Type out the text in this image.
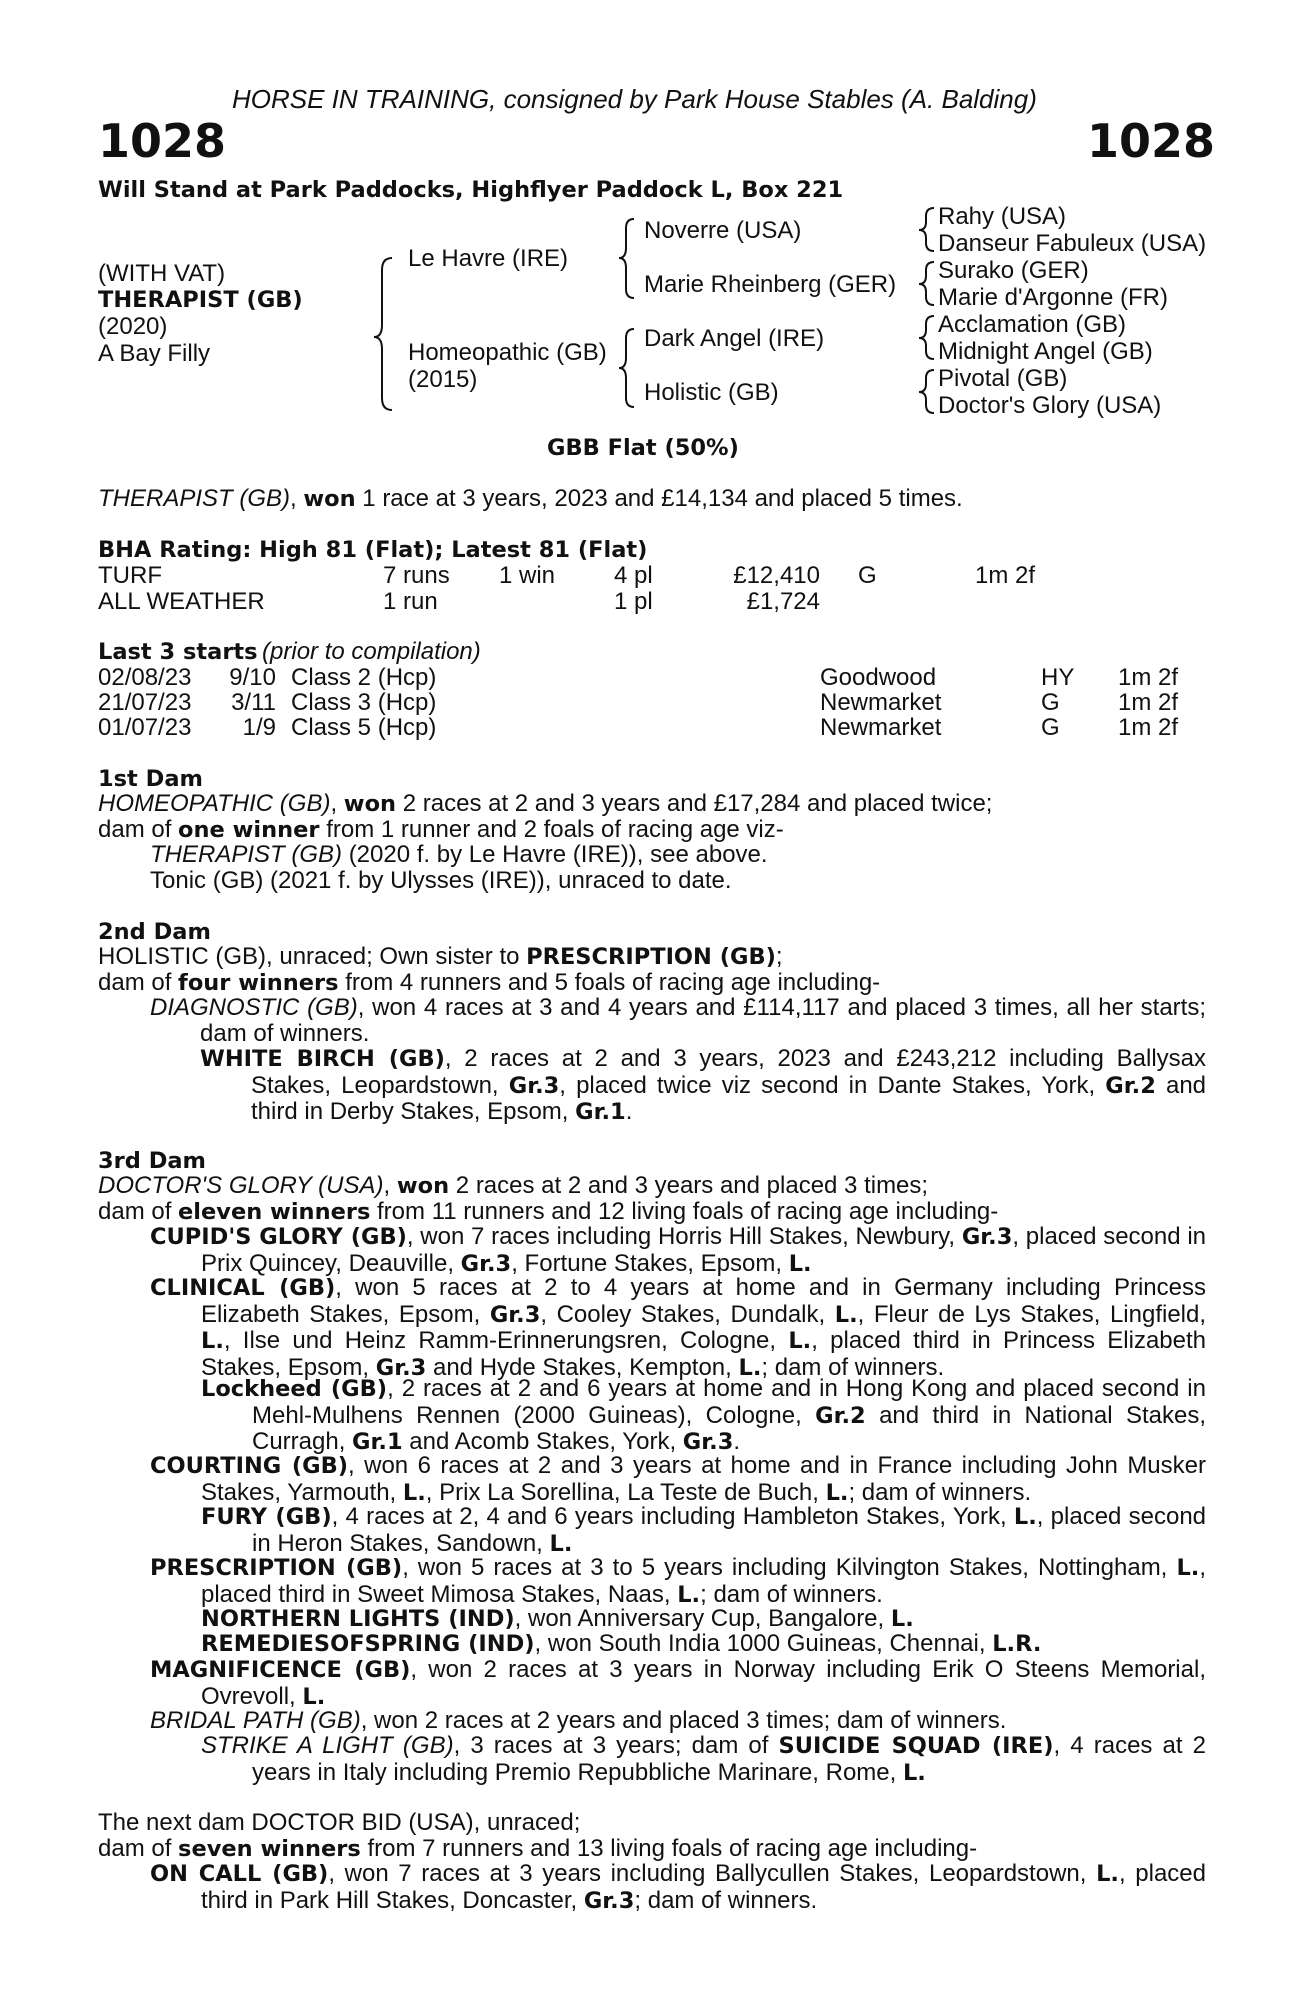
HORSE IN TRAINING, consigned by Park House Stables (A. Balding)
1028	1028
Will Stand at Park Paddocks, Highflyer Paddock L, Box 221
(WITH VAT)
THERAPIST (GB)
(2020)
A Bay Filly
Le Havre (IRE)
Homeopathic (GB)
(2015)
Noverre (USA)
Marie Rheinberg (GER)
Dark Angel (IRE)
Holistic (GB)
Rahy (USA)
Danseur Fabuleux (USA)
Surako (GER)
Marie d'Argonne (FR)
Acclamation (GB)
Midnight Angel (GB)
Pivotal (GB)
Doctor's Glory (USA)
GBB Flat (50%)
THERAPIST (GB), won 1 race at 3 years, 2023 and £14,134 and placed 5 times.
BHA Rating: High 81 (Flat); Latest 81 (Flat)
TURF	7 runs 1 win 4 pl	£12,410 G	1m 2f
ALL WEATHER	1 run	1 pl	£1,724
Last 3 starts (prior to compilation)
02/08/23	9/10 Class 2 (Hcp)	Goodwood	HY 1m 2f
21/07/23	3/11 Class 3 (Hcp)	Newmarket	G 1m 2f
01/07/23	1/9 Class 5 (Hcp)	Newmarket	G 1m 2f
1st Dam
HOMEOPATHIC (GB), won 2 races at 2 and 3 years and £17,284 and placed twice;
dam of one winner from 1 runner and 2 foals of racing age viz-
THERAPIST (GB) (2020 f. by Le Havre (IRE)), see above.
Tonic (GB) (2021 f. by Ulysses (IRE)), unraced to date.
2nd Dam
HOLISTIC (GB), unraced; Own sister to PRESCRIPTION (GB);
dam of four winners from 4 runners and 5 foals of racing age including-
DIAGNOSTIC (GB), won 4 races at 3 and 4 years and £114,117 and placed 3 times, all her starts; dam of winners.
WHITE BIRCH (GB), 2 races at 2 and 3 years, 2023 and £243,212 including Ballysax Stakes, Leopardstown, Gr.3, placed twice viz second in Dante Stakes, York, Gr.2 and third in Derby Stakes, Epsom, Gr.1.
3rd Dam
DOCTOR'S GLORY (USA), won 2 races at 2 and 3 years and placed 3 times;
dam of eleven winners from 11 runners and 12 living foals of racing age including-
CUPID'S GLORY (GB), won 7 races including Horris Hill Stakes, Newbury, Gr.3, placed second in Prix Quincey, Deauville, Gr.3, Fortune Stakes, Epsom, L.
CLINICAL (GB), won 5 races at 2 to 4 years at home and in Germany including Princess Elizabeth Stakes, Epsom, Gr.3, Cooley Stakes, Dundalk, L., Fleur de Lys Stakes, Lingfield, L., Ilse und Heinz Ramm-Erinnerungsren, Cologne, L., placed third in Princess Elizabeth Stakes, Epsom, Gr.3 and Hyde Stakes, Kempton, L.; dam of winners.
Lockheed (GB), 2 races at 2 and 6 years at home and in Hong Kong and placed second in Mehl-Mulhens Rennen (2000 Guineas), Cologne, Gr.2 and third in National Stakes, Curragh, Gr.1 and Acomb Stakes, York, Gr.3.
COURTING (GB), won 6 races at 2 and 3 years at home and in France including John Musker Stakes, Yarmouth, L., Prix La Sorellina, La Teste de Buch, L.; dam of winners.
FURY (GB), 4 races at 2, 4 and 6 years including Hambleton Stakes, York, L., placed second in Heron Stakes, Sandown, L.
PRESCRIPTION (GB), won 5 races at 3 to 5 years including Kilvington Stakes, Nottingham, L., placed third in Sweet Mimosa Stakes, Naas, L.; dam of winners.
NORTHERN LIGHTS (IND), won Anniversary Cup, Bangalore, L.
REMEDIESOFSPRING (IND), won South India 1000 Guineas, Chennai, L.R.
MAGNIFICENCE (GB), won 2 races at 3 years in Norway including Erik O Steens Memorial, Ovrevoll, L.
BRIDAL PATH (GB), won 2 races at 2 years and placed 3 times; dam of winners.
STRIKE A LIGHT (GB), 3 races at 3 years; dam of SUICIDE SQUAD (IRE), 4 races at 2 years in Italy including Premio Repubbliche Marinare, Rome, L.
The next dam DOCTOR BID (USA), unraced;
dam of seven winners from 7 runners and 13 living foals of racing age including-
ON CALL (GB), won 7 races at 3 years including Ballycullen Stakes, Leopardstown, L., placed third in Park Hill Stakes, Doncaster, Gr.3; dam of winners.
